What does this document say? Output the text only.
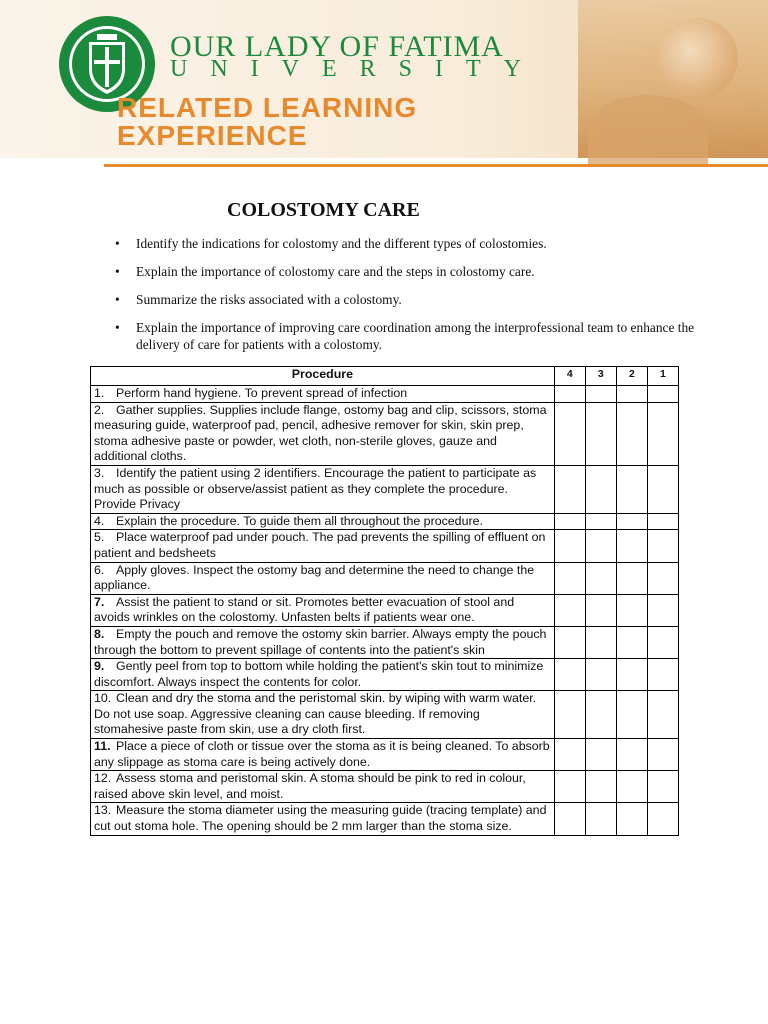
OUR LADY OF FATIMA
UNIVERSITY
RELATED LEARNING
EXPERIENCE
COLOSTOMY CARE
• Identify the indications for colostomy and the different types of colostomies.
• Explain the importance of colostomy care and the steps in colostomy care.
• Summarize the risks associated with a colostomy.
• Explain the importance of improving care coordination among the interprofessional team to enhance the delivery of care for patients with a colostomy.
Procedure	4	3	2	1
1. Perform hand hygiene. To prevent spread of infection				
2. Gather supplies. Supplies include flange, ostomy bag and clip, scissors, stoma measuring guide, waterproof pad, pencil, adhesive remover for skin, skin prep, stoma adhesive paste or powder, wet cloth, non-sterile gloves, gauze and additional cloths.				
3. Identify the patient using 2 identifiers. Encourage the patient to participate as much as possible or observe/assist patient as they complete the procedure. Provide Privacy				
4. Explain the procedure. To guide them all throughout the procedure.				
5. Place waterproof pad under pouch. The pad prevents the spilling of effluent on patient and bedsheets				
6. Apply gloves. Inspect the ostomy bag and determine the need to change the appliance.				
7. Assist the patient to stand or sit. Promotes better evacuation of stool and avoids wrinkles on the colostomy. Unfasten belts if patients wear one.				
8. Empty the pouch and remove the ostomy skin barrier. Always empty the pouch through the bottom to prevent spillage of contents into the patient's skin				
9. Gently peel from top to bottom while holding the patient's skin tout to minimize discomfort. Always inspect the contents for color.				
10. Clean and dry the stoma and the peristomal skin. by wiping with warm water. Do not use soap. Aggressive cleaning can cause bleeding. If removing stomahesive paste from skin, use a dry cloth first.				
11. Place a piece of cloth or tissue over the stoma as it is being cleaned. To absorb any slippage as stoma care is being actively done.				
12. Assess stoma and peristomal skin. A stoma should be pink to red in colour, raised above skin level, and moist.				
13. Measure the stoma diameter using the measuring guide (tracing template) and cut out stoma hole. The opening should be 2 mm larger than the stoma size.				
